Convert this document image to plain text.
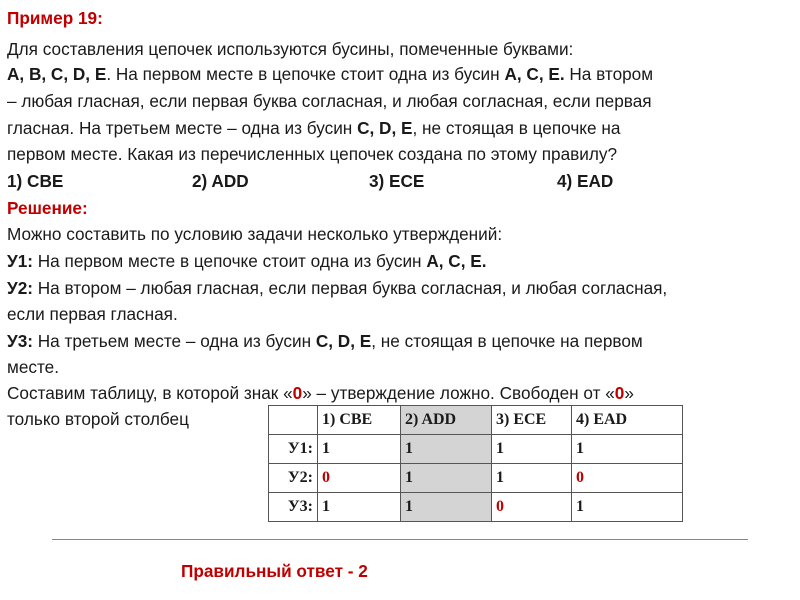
Пример 19:
Для составления цепочек используются бусины, помеченные буквами:
A, B, C, D, E. На первом месте в цепочке стоит одна из бусин A, C, E. На втором
– любая гласная, если первая буква согласная, и любая согласная, если первая
гласная. На третьем месте – одна из бусин C, D, E, не стоящая в цепочке на
первом месте. Какая из перечисленных цепочек создана по этому правилу?
1) CBE	2) ADD	3) ECE	4) EAD
Решение:
Можно составить по условию задачи несколько утверждений:
У1: На первом месте в цепочке стоит одна из бусин A, C, E.
У2: На втором – любая гласная, если первая буква согласная, и любая согласная,
если первая гласная.
У3: На третьем месте – одна из бусин C, D, E, не стоящая в цепочке на первом
месте.
Составим таблицу, в которой знак «0» – утверждение ложно. Свободен от «0»
только второй столбец
		1) CBE	2) ADD	3) ECE	4) EAD
У1:	1	1	1	1
У2:	0	1	1	0
У3:	1	1	0	1
Правильный ответ - 2
